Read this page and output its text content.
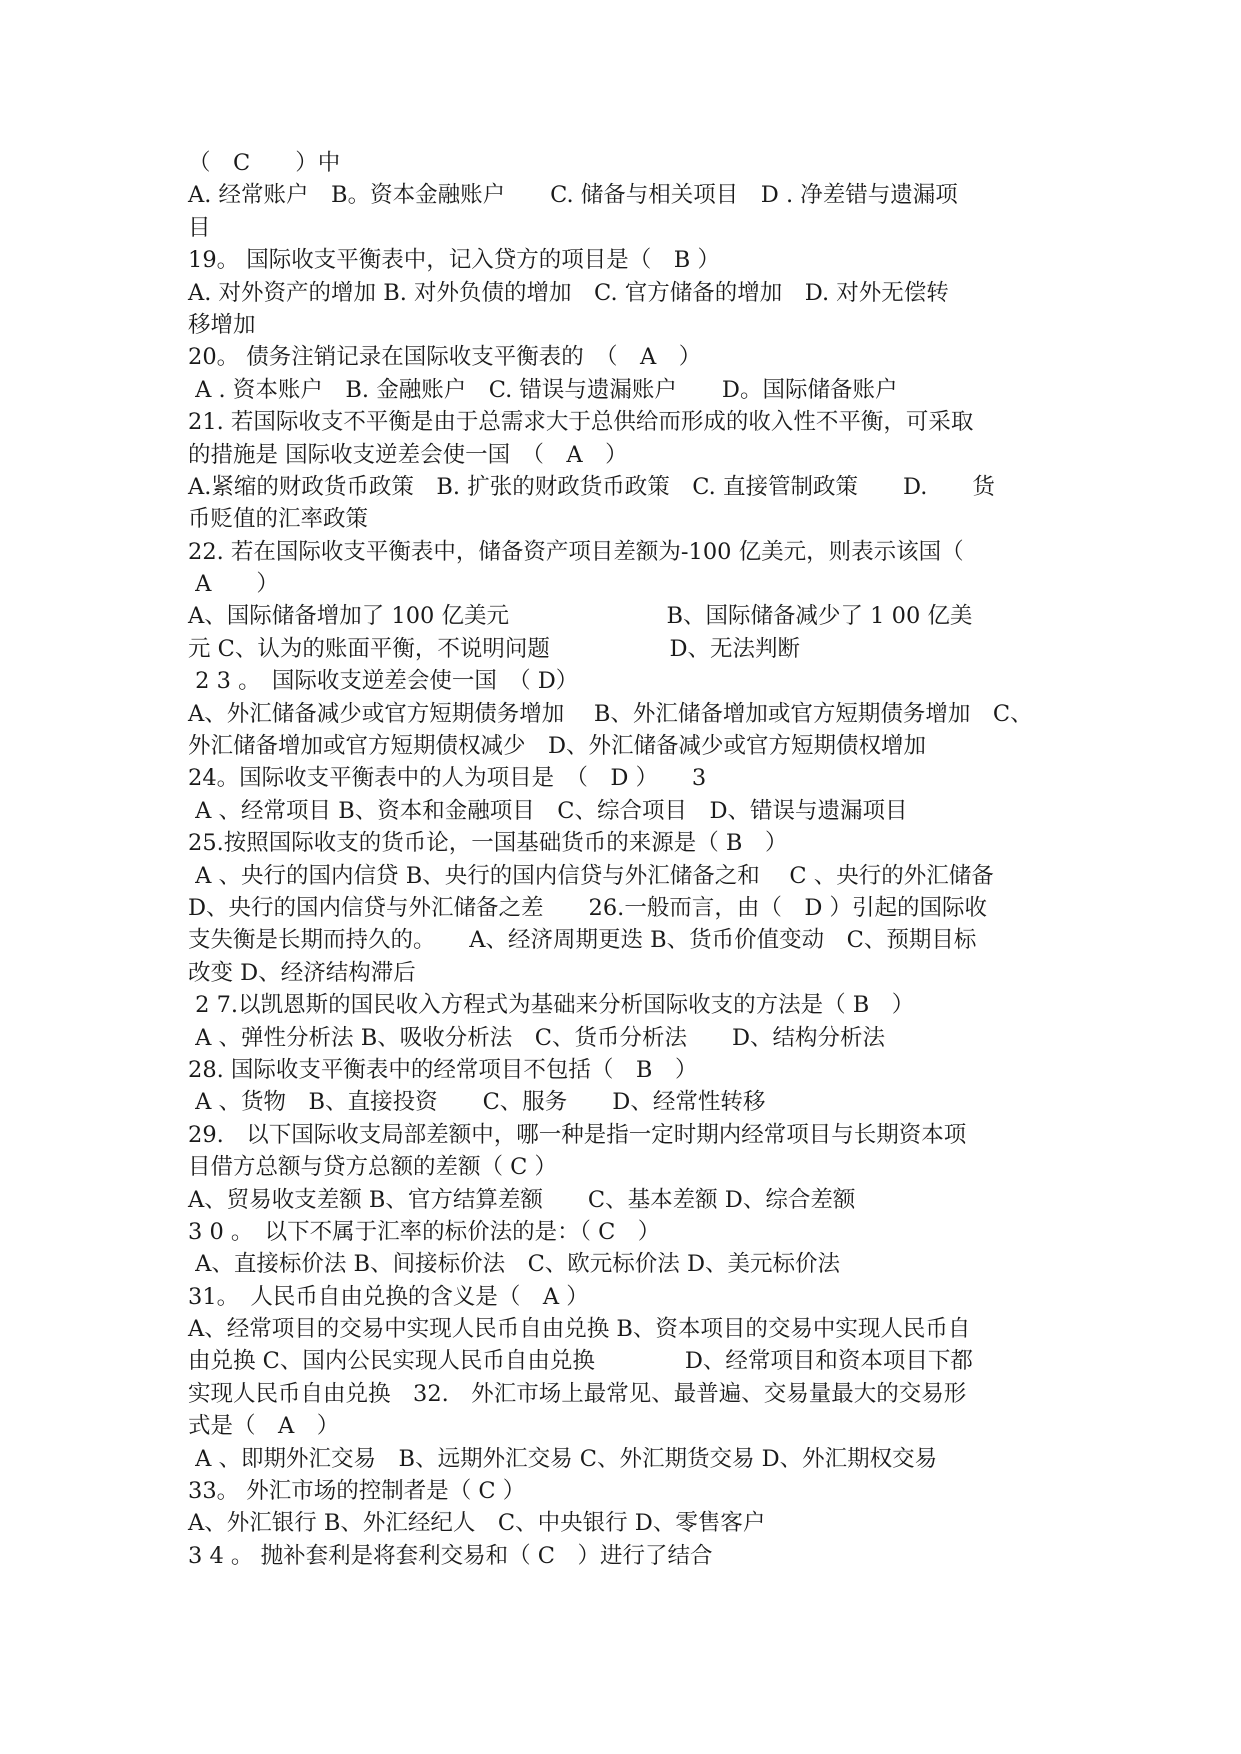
（　C　　）中
A. 经常账户　B。资本金融账户　　C. 储备与相关项目　D . 净差错与遗漏项
目
19。 国际收支平衡表中，记入贷方的项目是（　B ）
A. 对外资产的增加 B. 对外负债的增加　C. 官方储备的增加　D. 对外无偿转
移增加
20。 债务注销记录在国际收支平衡表的　（　A　）
A . 资本账户　B. 金融账户　C. 错误与遗漏账户　　D。国际储备账户
21. 若国际收支不平衡是由于总需求大于总供给而形成的收入性不平衡，可采取
的措施是 国际收支逆差会使一国　（　A　）
A.紧缩的财政货币政策　B. 扩张的财政货币政策　C. 直接管制政策　　D.　　货
币贬值的汇率政策
22. 若在国际收支平衡表中，储备资产项目差额为-100 亿美元，则表示该国（
A　　）
A、国际储备增加了 100 亿美元　　　　　　　B、国际储备减少了 1 00 亿美
元 C、认为的账面平衡，不说明问题　　　　　 D、无法判断
2 3 。　国际收支逆差会使一国　（ D）
A、外汇储备减少或官方短期债务增加　 B、外汇储备增加或官方短期债务增加　C、
外汇储备增加或官方短期债权减少　D、外汇储备减少或官方短期债权增加
24。国际收支平衡表中的人为项目是　（　D ）　　3
A 、经常项目 B、资本和金融项目　C、综合项目　D、错误与遗漏项目
25.按照国际收支的货币论，一国基础货币的来源是（ B　）
A 、央行的国内信贷 B、央行的国内信贷与外汇储备之和　 C 、央行的外汇储备
D、央行的国内信贷与外汇储备之差　　26.一般而言，由（　D ）引起的国际收
支失衡是长期而持久的。　　A、经济周期更迭 B、货币价值变动　C、预期目标
改变 D、经济结构滞后
2 7.以凯恩斯的国民收入方程式为基础来分析国际收支的方法是（ B　）
A 、弹性分析法 B、吸收分析法　C、货币分析法　　D、结构分析法
28. 国际收支平衡表中的经常项目不包括（　B　）
A 、货物　B、直接投资　　C、服务　　D、经常性转移
29.　以下国际收支局部差额中，哪一种是指一定时期内经常项目与长期资本项
目借方总额与贷方总额的差额（ C ）
A、贸易收支差额 B、官方结算差额　　C、基本差额 D、综合差额
3 0 。　以下不属于汇率的标价法的是：（ C　）
A、直接标价法 B、间接标价法　C、欧元标价法 D、美元标价法
31。　人民币自由兑换的含义是（　A ）
A、经常项目的交易中实现人民币自由兑换 B、资本项目的交易中实现人民币自
由兑换 C、国内公民实现人民币自由兑换　　　　D、经常项目和资本项目下都
实现人民币自由兑换　32.　外汇市场上最常见、最普遍、交易量最大的交易形
式是（　A　）
A 、即期外汇交易　B、远期外汇交易 C、外汇期货交易 D、外汇期权交易
33。 外汇市场的控制者是（ C ）
A、外汇银行 B、外汇经纪人　C、中央银行 D、零售客户
3 4 。 抛补套利是将套利交易和（ C　）进行了结合
